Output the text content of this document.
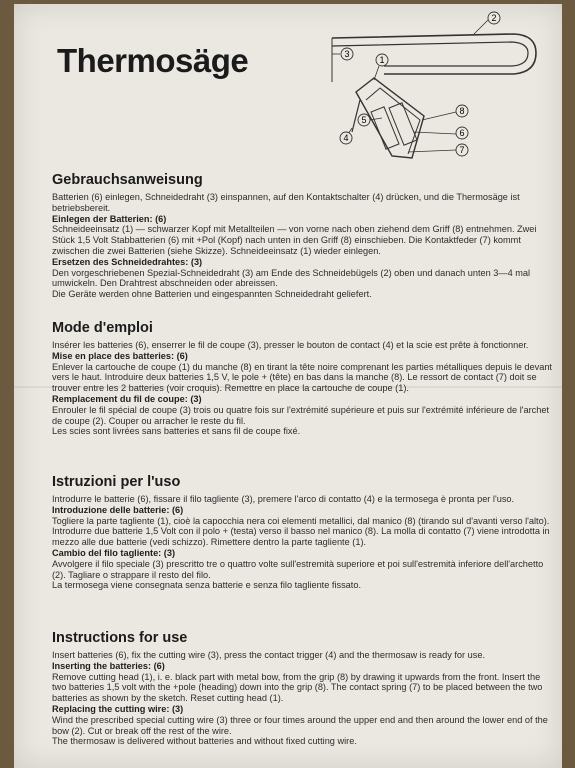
Thermosäge
2
1
3
8
6
7
4
5
Gebrauchsanweisung

Batterien (6) einlegen, Schneidedraht (3) einspannen, auf den Kontaktschalter (4) drücken, und die Thermosäge ist betriebsbereit.

Einlegen der Batterien: (6)

Schneideeinsatz (1) — schwarzer Kopf mit Metallteilen — von vorne nach oben ziehend dem Griff (8) entnehmen. Zwei Stück 1,5 Volt Stabbatterien (6) mit +Pol (Kopf) nach unten in den Griff (8) einschieben. Die Kontaktfeder (7) kommt zwischen die zwei Batterien (siehe Skizze). Schneideeinsatz (1) wieder einlegen.

Ersetzen des Schneidedrahtes: (3)

Den vorgeschriebenen Spezial-Schneidedraht (3) am Ende des Schneidebügels (2) oben und danach unten 3—4 mal umwickeln. Den Drahtrest abschneiden oder abreissen.

Die Geräte werden ohne Batterien und eingespannten Schneidedraht geliefert.

Mode d'emploi

Insérer les batteries (6), enserrer le fil de coupe (3), presser le bouton de contact (4) et la scie est prête à fonctionner.

Mise en place des batteries: (6)

Enlever la cartouche de coupe (1) du manche (8) en tirant la tête noire comprenant les parties métalliques depuis le devant vers le haut. Introduire deux batteries 1,5 V, le pole + (tête) en bas dans la manche (8). Le ressort de contact (7) doit se trouver entre les 2 batteries (voir croquis). Remettre en place la cartouche de coupe (1).

Remplacement du fil de coupe: (3)

Enrouler le fil spécial de coupe (3) trois ou quatre fois sur l'extrémité supérieure et puis sur l'extrémité inférieure de l'archet de coupe (2). Couper ou arracher le reste du fil.

Les scies sont livrées sans batteries et sans fil de coupe fixé.

Istruzioni per l'uso

Introdurre le batterie (6), fissare il filo tagliente (3), premere l'arco di contatto (4) e la termosega è pronta per l'uso.

Introduzione delle batterie: (6)

Togliere la parte tagliente (1), cioè la capocchia nera coi elementi metallici, dal manico (8) (tirando sul d'avanti verso l'alto). Introdurre due batterie 1,5 Volt con il polo + (testa) verso il basso nel manico (8). La molla di contatto (7) viene introdotta in mezzo alle due batterie (vedi schizzo). Rimettere dentro la parte tagliente (1).

Cambio del filo tagliente: (3)

Avvolgere il filo speciale (3) prescritto tre o quattro volte sull'estremità superiore et poi sull'estremità inferiore dell'archetto (2). Tagliare o strappare il resto del filo.

La termosega viene consegnata senza batterie e senza filo tagliente fissato.

Instructions for use

Insert batteries (6), fix the cutting wire (3), press the contact trigger (4) and the thermosaw is ready for use.

Inserting the batteries: (6)

Remove cutting head (1), i. e. black part with metal bow, from the grip (8) by drawing it upwards from the front. Insert the two batteries 1,5 volt with the +pole (heading) down into the grip (8). The contact spring (7) to be placed between the two batteries as shown by the sketch. Reset cutting head (1).

Replacing the cutting wire: (3)

Wind the prescribed special cutting wire (3) three or four times around the upper end and then around the lower end of the bow (2). Cut or break off the rest of the wire.

The thermosaw is delivered without batteries and without fixed cutting wire.
